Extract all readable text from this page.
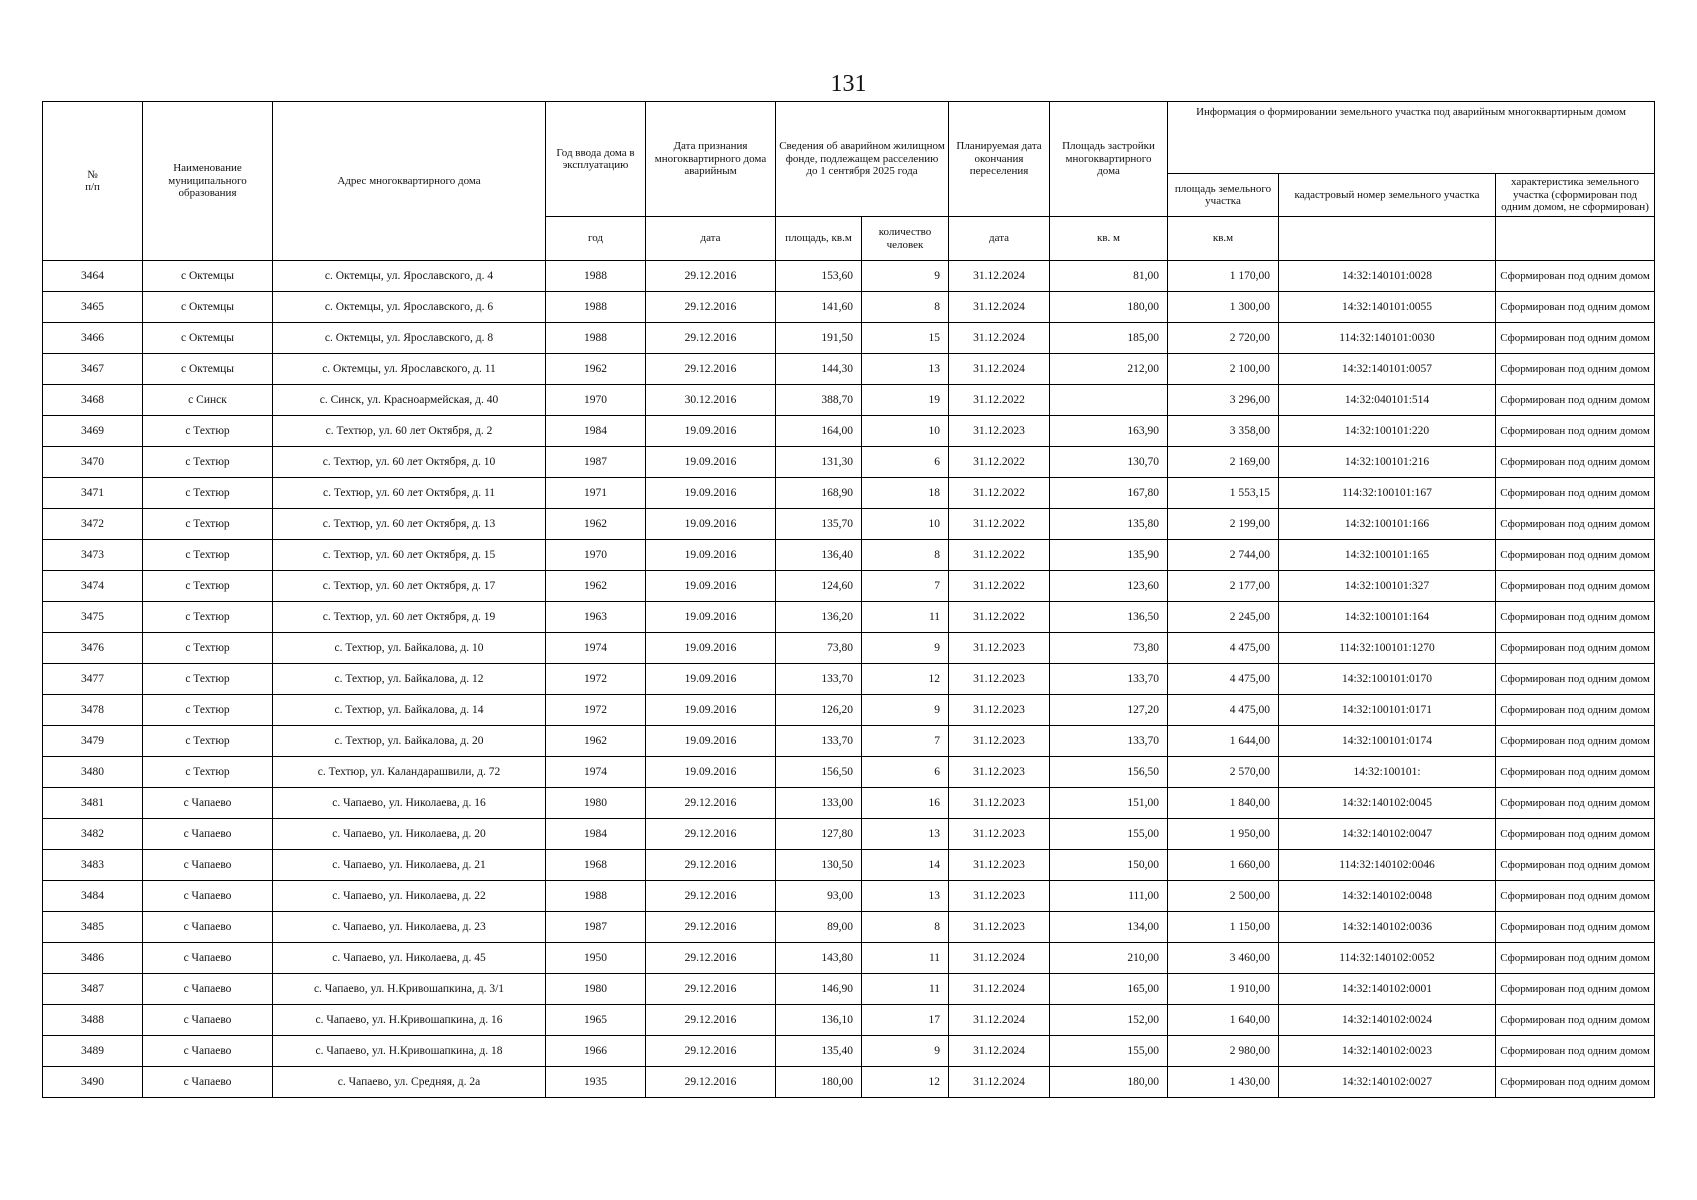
131
№
п/п	Наименование муниципального образования	Адрес многоквартирного дома	Год ввода дома в эксплуатацию	Дата признания многоквартирного дома аварийным	Сведения об аварийном жилищном фонде, подлежащем расселению до 1 сентября 2025 года		Планируемая дата окончания переселения	Площадь застройки многоквартирного дома	Информация о формировании земельного участка под аварийным многоквартирным домом		
									площадь земельного участка	кадастровый номер земельного участка	характеристика земельного участка (сформирован под одним домом, не сформирован)
			год	дата	площадь, кв.м	количество человек	дата	кв. м	кв.м		
3464	с Октемцы	с. Октемцы, ул. Ярославского, д. 4	1988	29.12.2016	153,60	9	31.12.2024	81,00	1 170,00	14:32:140101:0028	Сформирован под одним домом
3465	с Октемцы	с. Октемцы, ул. Ярославского, д. 6	1988	29.12.2016	141,60	8	31.12.2024	180,00	1 300,00	14:32:140101:0055	Сформирован под одним домом
3466	с Октемцы	с. Октемцы, ул. Ярославского, д. 8	1988	29.12.2016	191,50	15	31.12.2024	185,00	2 720,00	114:32:140101:0030	Сформирован под одним домом
3467	с Октемцы	с. Октемцы, ул. Ярославского, д. 11	1962	29.12.2016	144,30	13	31.12.2024	212,00	2 100,00	14:32:140101:0057	Сформирован под одним домом
3468	с Синск	с. Синск, ул. Красноармейская, д. 40	1970	30.12.2016	388,70	19	31.12.2022		3 296,00	14:32:040101:514	Сформирован под одним домом
3469	с Техтюр	с. Техтюр, ул. 60 лет Октября, д. 2	1984	19.09.2016	164,00	10	31.12.2023	163,90	3 358,00	14:32:100101:220	Сформирован под одним домом
3470	с Техтюр	с. Техтюр, ул. 60 лет Октября, д. 10	1987	19.09.2016	131,30	6	31.12.2022	130,70	2 169,00	14:32:100101:216	Сформирован под одним домом
3471	с Техтюр	с. Техтюр, ул. 60 лет Октября, д. 11	1971	19.09.2016	168,90	18	31.12.2022	167,80	1 553,15	114:32:100101:167	Сформирован под одним домом
3472	с Техтюр	с. Техтюр, ул. 60 лет Октября, д. 13	1962	19.09.2016	135,70	10	31.12.2022	135,80	2 199,00	14:32:100101:166	Сформирован под одним домом
3473	с Техтюр	с. Техтюр, ул. 60 лет Октября, д. 15	1970	19.09.2016	136,40	8	31.12.2022	135,90	2 744,00	14:32:100101:165	Сформирован под одним домом
3474	с Техтюр	с. Техтюр, ул. 60 лет Октября, д. 17	1962	19.09.2016	124,60	7	31.12.2022	123,60	2 177,00	14:32:100101:327	Сформирован под одним домом
3475	с Техтюр	с. Техтюр, ул. 60 лет Октября, д. 19	1963	19.09.2016	136,20	11	31.12.2022	136,50	2 245,00	14:32:100101:164	Сформирован под одним домом
3476	с Техтюр	с. Техтюр, ул. Байкалова, д. 10	1974	19.09.2016	73,80	9	31.12.2023	73,80	4 475,00	114:32:100101:1270	Сформирован под одним домом
3477	с Техтюр	с. Техтюр, ул. Байкалова, д. 12	1972	19.09.2016	133,70	12	31.12.2023	133,70	4 475,00	14:32:100101:0170	Сформирован под одним домом
3478	с Техтюр	с. Техтюр, ул. Байкалова, д. 14	1972	19.09.2016	126,20	9	31.12.2023	127,20	4 475,00	14:32:100101:0171	Сформирован под одним домом
3479	с Техтюр	с. Техтюр, ул. Байкалова, д. 20	1962	19.09.2016	133,70	7	31.12.2023	133,70	1 644,00	14:32:100101:0174	Сформирован под одним домом
3480	с Техтюр	с. Техтюр, ул. Каландарашвили, д. 72	1974	19.09.2016	156,50	6	31.12.2023	156,50	2 570,00	14:32:100101:	Сформирован под одним домом
3481	с Чапаево	с. Чапаево, ул. Николаева, д. 16	1980	29.12.2016	133,00	16	31.12.2023	151,00	1 840,00	14:32:140102:0045	Сформирован под одним домом
3482	с Чапаево	с. Чапаево, ул. Николаева, д. 20	1984	29.12.2016	127,80	13	31.12.2023	155,00	1 950,00	14:32:140102:0047	Сформирован под одним домом
3483	с Чапаево	с. Чапаево, ул. Николаева, д. 21	1968	29.12.2016	130,50	14	31.12.2023	150,00	1 660,00	114:32:140102:0046	Сформирован под одним домом
3484	с Чапаево	с. Чапаево, ул. Николаева, д. 22	1988	29.12.2016	93,00	13	31.12.2023	111,00	2 500,00	14:32:140102:0048	Сформирован под одним домом
3485	с Чапаево	с. Чапаево, ул. Николаева, д. 23	1987	29.12.2016	89,00	8	31.12.2023	134,00	1 150,00	14:32:140102:0036	Сформирован под одним домом
3486	с Чапаево	с. Чапаево, ул. Николаева, д. 45	1950	29.12.2016	143,80	11	31.12.2024	210,00	3 460,00	114:32:140102:0052	Сформирован под одним домом
3487	с Чапаево	с. Чапаево, ул. Н.Кривошапкина, д. 3/1	1980	29.12.2016	146,90	11	31.12.2024	165,00	1 910,00	14:32:140102:0001	Сформирован под одним домом
3488	с Чапаево	с. Чапаево, ул. Н.Кривошапкина, д. 16	1965	29.12.2016	136,10	17	31.12.2024	152,00	1 640,00	14:32:140102:0024	Сформирован под одним домом
3489	с Чапаево	с. Чапаево, ул. Н.Кривошапкина, д. 18	1966	29.12.2016	135,40	9	31.12.2024	155,00	2 980,00	14:32:140102:0023	Сформирован под одним домом
3490	с Чапаево	с. Чапаево, ул. Средняя, д. 2а	1935	29.12.2016	180,00	12	31.12.2024	180,00	1 430,00	14:32:140102:0027	Сформирован под одним домом
